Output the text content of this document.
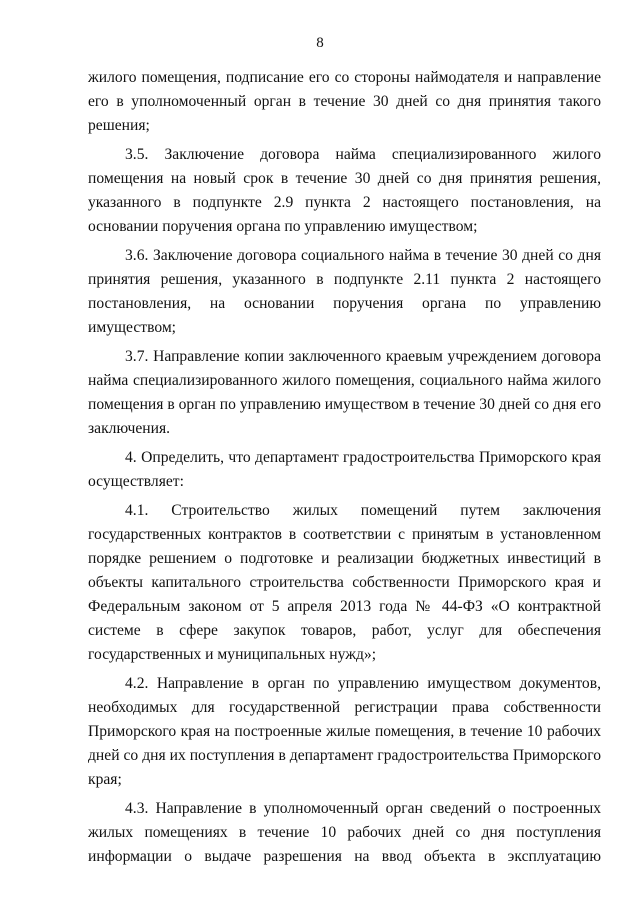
8

жилого помещения, подписание его со стороны наймодателя и направление его в уполномоченный орган в течение 30 дней со дня принятия такого решения;

3.5. Заключение договора найма специализированного жилого помещения на новый срок в течение 30 дней со дня принятия решения, указанного в подпункте 2.9 пункта 2 настоящего постановления, на основании поручения органа по управлению имуществом;

3.6. Заключение договора социального найма в течение 30 дней со дня принятия решения, указанного в подпункте 2.11 пункта 2 настоящего постановления, на основании поручения органа по управлению имуществом;

3.7. Направление копии заключенного краевым учреждением договора найма специализированного жилого помещения, социального найма жилого помещения в орган по управлению имуществом в течение 30 дней со дня его заключения.

4. Определить, что департамент градостроительства Приморского края осуществляет:

4.1. Строительство жилых помещений путем заключения государственных контрактов в соответствии с принятым в установленном порядке решением о подготовке и реализации бюджетных инвестиций в объекты капитального строительства собственности Приморского края и Федеральным законом от 5 апреля 2013 года № 44-ФЗ «О контрактной системе в сфере закупок товаров, работ, услуг для обеспечения государственных и муниципальных нужд»;

4.2. Направление в орган по управлению имуществом документов, необходимых для государственной регистрации права собственности Приморского края на построенные жилые помещения, в течение 10 рабочих дней со дня их поступления в департамент градостроительства Приморского края;

4.3. Направление в уполномоченный орган сведений о построенных жилых помещениях в течение 10 рабочих дней со дня поступления информации о выдаче разрешения на ввод объекта в эксплуатацию
